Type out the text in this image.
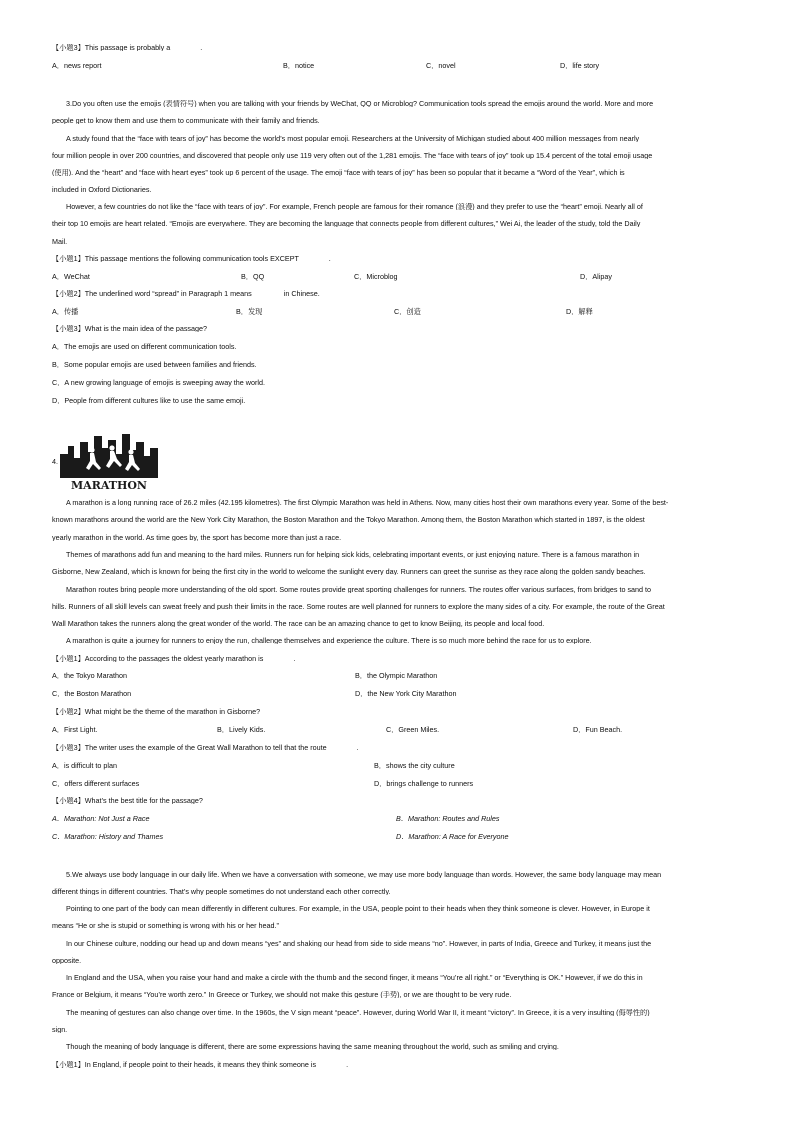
【小题3】This passage is probably a _______.
A．news report	B．notice	C．novel	D．life story
3.Do you often use the emojis (表情符号) when you are talking with your friends by WeChat, QQ or Microblog? Communication tools spread the emojis around the world. More and more
people get to know them and use them to communicate with their family and friends.
A study found that the “face with tears of joy” has become the world’s most popular emoji. Researchers at the University of Michigan studied about 400 million messages from nearly
four million people in over 200 countries, and discovered that people only use 119 very often out of the 1,281 emojis. The “face with tears of joy” took up 15.4 percent of the total emoji usage
(使用). And the “heart” and “face with heart eyes” took up 6 percent of the usage. The emoji “face with tears of joy” has been so popular that it became a “Word of the Year”, which is
included in Oxford Dictionaries.
However, a few countries do not like the “face with tears of joy”. For example, French people are famous for their romance (浪漫) and they prefer to use the “heart” emoji. Nearly all of
their top 10 emojis are heart related. “Emojis are everywhere. They are becoming the language that connects people from different cultures,” Wei Ai, the leader of the study, told the Daily
Mail.
【小题1】This passage mentions the following communication tools EXCEPT _______.
A．WeChat	B．QQ	C．Microblog	D．Alipay
【小题2】The underlined word “spread” in Paragraph 1 means _______ in Chinese.
A．传播	B．发现	C．创造	D．解释
【小题3】What is the main idea of the passage?
A．The emojis are used on different communication tools.
B．Some popular emojis are used between families and friends.
C．A new growing language of emojis is sweeping away the world.
D．People from different cultures like to use the same emoji.
4.
MARATHON
A marathon is a long running race of 26.2 miles (42.195 kilometres). The first Olympic Marathon was held in Athens. Now, many cities host their own marathons every year. Some of the best-
known marathons around the world are the New York City Marathon, the Boston Marathon and the Tokyo Marathon. Among them, the Boston Marathon which started in 1897, is the oldest
yearly marathon in the world. As time goes by, the sport has become more than just a race.
Themes of marathons add fun and meaning to the hard miles. Runners run for helping sick kids, celebrating important events, or just enjoying nature. There is a famous marathon in
Gisborne, New Zealand, which is known for being the first city in the world to welcome the sunlight every day. Runners can greet the sunrise as they race along the golden sandy beaches.
Marathon routes bring people more understanding of the old sport. Some routes provide great sporting challenges for runners. The routes offer various surfaces, from bridges to sand to
hills. Runners of all skill levels can sweat freely and push their limits in the race. Some routes are well planned for runners to explore the many sides of a city. For example, the route of the Great
Wall Marathon takes the runners along the great wonder of the world. The race can be an amazing chance to get to know Beijing, its people and local food.
A marathon is quite a journey for runners to enjoy the run, challenge themselves and experience the culture. There is so much more behind the race for us to explore.
【小题1】According to the passages the oldest yearly marathon is _______.
A．the Tokyo Marathon	B．the Olympic Marathon
C．the Boston Marathon	D．the New York City Marathon
【小题2】What might be the theme of the marathon in Gisborne?
A．First Light.	B．Lively Kids.	C．Green Miles.	D．Fun Beach.
【小题3】The writer uses the example of the Great Wall Marathon to tell that the route _______.
A．is difficult to plan	B．shows the city culture
C．offers different surfaces	D．brings challenge to runners
【小题4】What’s the best title for the passage?
A．Marathon: Not Just a Race	B．Marathon: Routes and Rules
C．Marathon: History and Thames	D．Marathon: A Race for Everyone
5.We always use body language in our daily life. When we have a conversation with someone, we may use more body language than words. However, the same body language may mean
different things in different countries. That’s why people sometimes do not understand each other correctly.
Pointing to one part of the body can mean differently in different cultures. For example, in the USA, people point to their heads when they think someone is clever. However, in Europe it
means “He or she is stupid or something is wrong with his or her head.”
In our Chinese culture, nodding our head up and down means “yes” and shaking our head from side to side means “no”. However, in parts of India, Greece and Turkey, it means just the
opposite.
In England and the USA, when you raise your hand and make a circle with the thumb and the second finger, it means “You’re all right.” or “Everything is OK.” However, if we do this in
France or Belgium, it means “You’re worth zero.” In Greece or Turkey, we should not make this gesture (手势), or we are thought to be very rude.
The meaning of gestures can also change over time. In the 1960s, the V sign meant “peace”. However, during World War II, it meant “victory”. In Greece, it is a very insulting (侮辱性的)
sign.
Though the meaning of body language is different, there are some expressions having the same meaning throughout the world, such as smiling and crying.
【小题1】In England, if people point to their heads, it means they think someone is _______.
